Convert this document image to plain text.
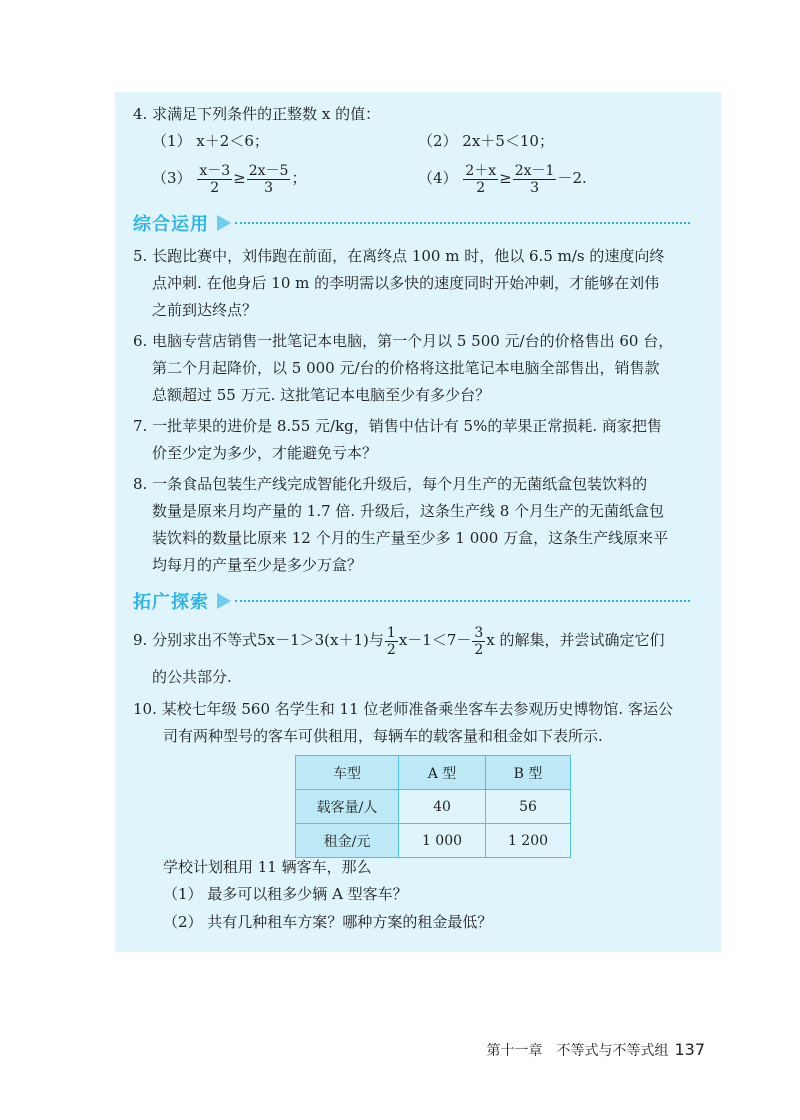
4. 求满足下列条件的正整数 x 的值：
（1） x＋2＜6；	（2） 2x＋5＜10；
$(3) \frac{x-3}{2} \ge \frac{2x-5}{3}$ ；	$(4) \frac{2+x}{2} \ge \frac{2x-1}{3} -2$.
综合运用
5. 长跑比赛中，刘伟跑在前面，在离终点 100 m 时，他以 6.5 m/s 的速度向终
点冲刺. 在他身后 10 m 的李明需以多快的速度同时开始冲刺，才能够在刘伟
之前到达终点？
6. 电脑专营店销售一批笔记本电脑，第一个月以 5 500 元/台的价格售出 60 台，
第二个月起降价，以 5 000 元/台的价格将这批笔记本电脑全部售出，销售款
总额超过 55 万元. 这批笔记本电脑至少有多少台？
7. 一批苹果的进价是 8.55 元/kg，销售中估计有 5%的苹果正常损耗. 商家把售
价至少定为多少，才能避免亏本？
8. 一条食品包装生产线完成智能化升级后，每个月生产的无菌纸盒包装饮料的
数量是原来月均产量的 1.7 倍. 升级后，这条生产线 8 个月生产的无菌纸盒包
装饮料的数量比原来 12 个月的生产量至少多 1 000 万盒，这条生产线原来平
均每月的产量至少是多少万盒？
拓广探索
9. 分别求出不等式5x－1＞3(x＋1)与 $\frac{1}{2} x-1<7- \frac{3}{2}$ x 的解集，并尝试确定它们
的公共部分.
10. 某校七年级 560 名学生和 11 位老师准备乘坐客车去参观历史博物馆. 客运公
司有两种型号的客车可供租用，每辆车的载客量和租金如下表所示.
车型	A 型	B 型
载客量/人	40	56
租金/元	1 000	1 200
学校计划租用 11 辆客车，那么
（1） 最多可以租多少辆 A 型客车？
（2） 共有几种租车方案？哪种方案的租金最低？
第十一章　不等式与不等式组 137
